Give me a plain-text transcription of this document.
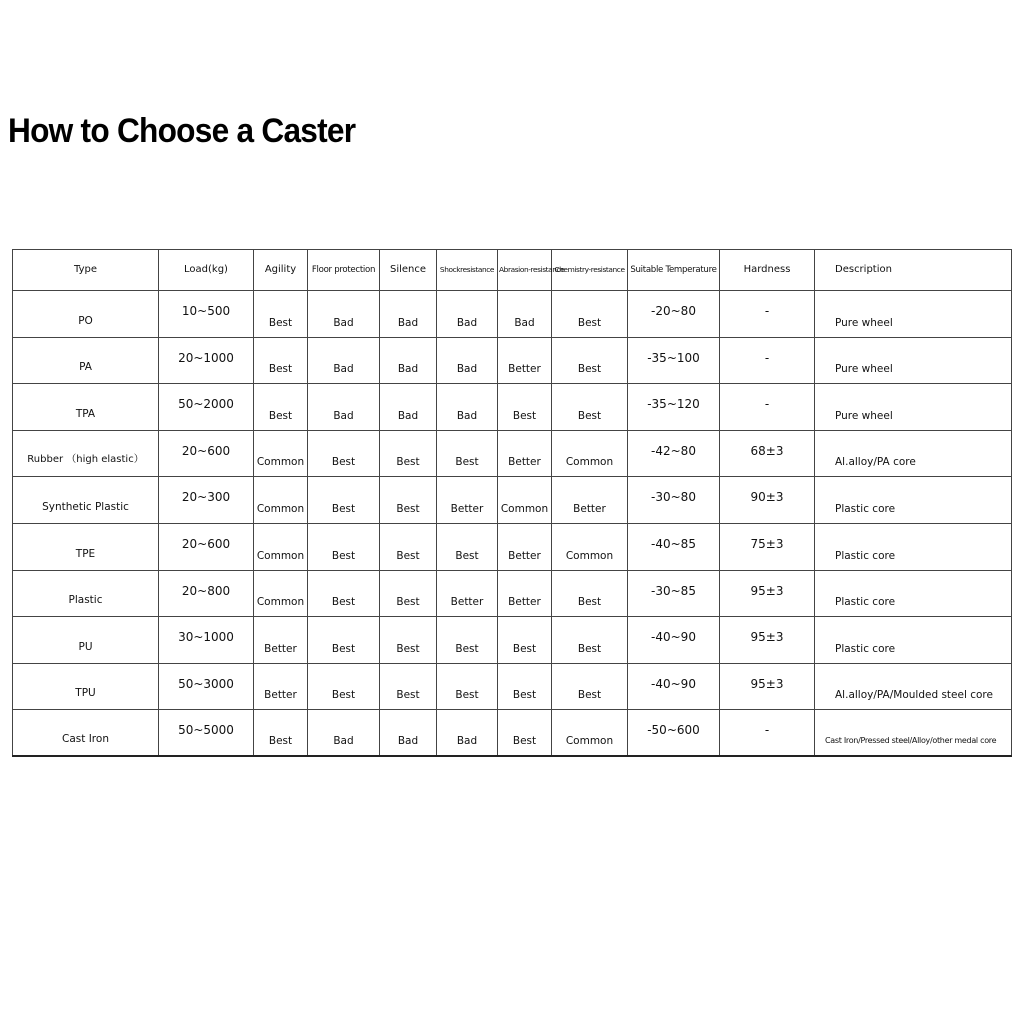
How to Choose a Caster
Type	Load(kg)	Agility	Floor protection	Silence	Shockresistance	Abrasion-resistance	Chemistry-resistance	Suitable Temperature	Hardness	Description
PO	10~500	Best	Bad	Bad	Bad	Bad	Best	-20~80	-	Pure wheel
PA	20~1000	Best	Bad	Bad	Bad	Better	Best	-35~100	-	Pure wheel
TPA	50~2000	Best	Bad	Bad	Bad	Best	Best	-35~120	-	Pure wheel
Rubber （high elastic）	20~600	Common	Best	Best	Best	Better	Common	-42~80	68±3	Al.alloy/PA core
Synthetic Plastic	20~300	Common	Best	Best	Better	Common	Better	-30~80	90±3	Plastic core
TPE	20~600	Common	Best	Best	Best	Better	Common	-40~85	75±3	Plastic core
Plastic	20~800	Common	Best	Best	Better	Better	Best	-30~85	95±3	Plastic core
PU	30~1000	Better	Best	Best	Best	Best	Best	-40~90	95±3	Plastic core
TPU	50~3000	Better	Best	Best	Best	Best	Best	-40~90	95±3	Al.alloy/PA/Moulded steel core
Cast Iron	50~5000	Best	Bad	Bad	Bad	Best	Common	-50~600	-	Cast Iron/Pressed steel/Alloy/other medal core
